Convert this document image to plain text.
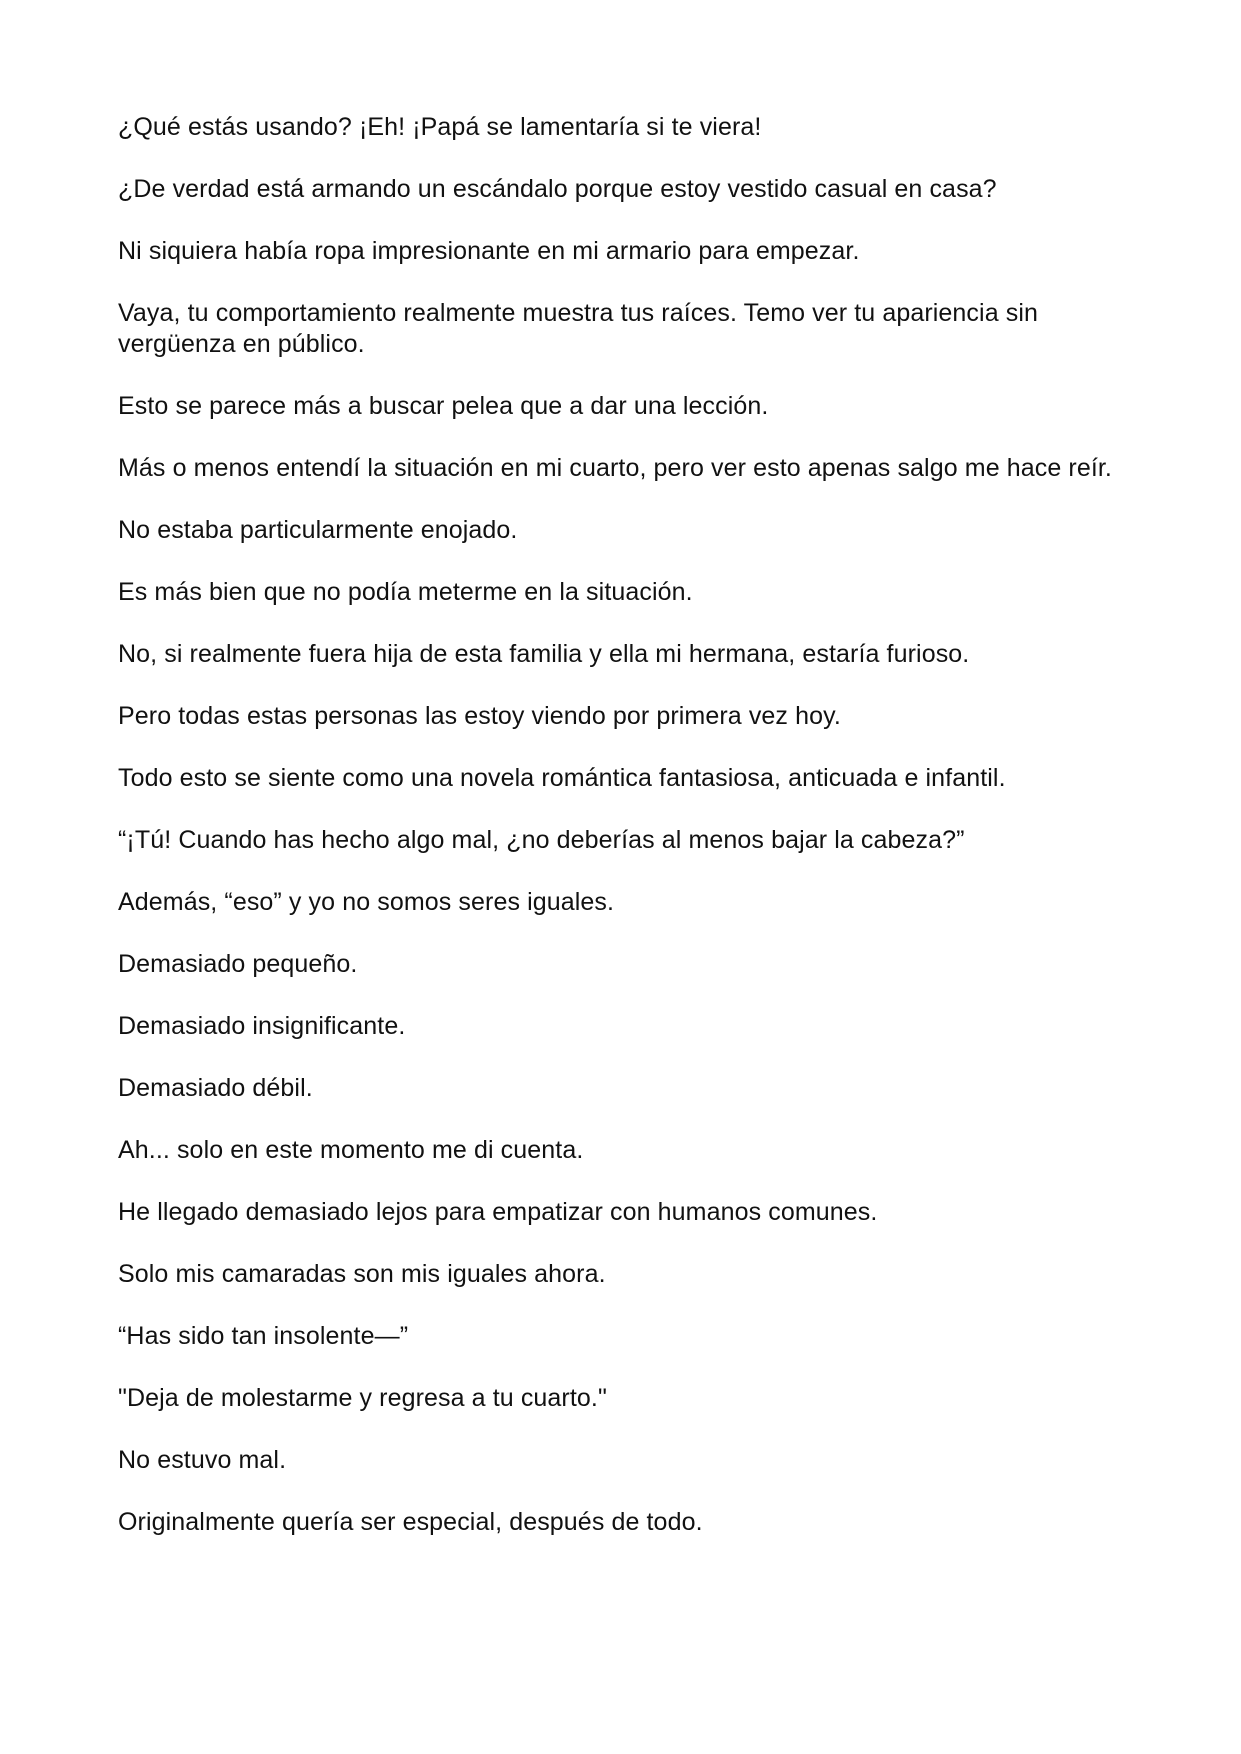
¿Qué estás usando? ¡Eh! ¡Papá se lamentaría si te viera!

¿De verdad está armando un escándalo porque estoy vestido casual en casa?

Ni siquiera había ropa impresionante en mi armario para empezar.

Vaya, tu comportamiento realmente muestra tus raíces. Temo ver tu apariencia sin vergüenza en público.

Esto se parece más a buscar pelea que a dar una lección.

Más o menos entendí la situación en mi cuarto, pero ver esto apenas salgo me hace reír.

No estaba particularmente enojado.

Es más bien que no podía meterme en la situación.

No, si realmente fuera hija de esta familia y ella mi hermana, estaría furioso.

Pero todas estas personas las estoy viendo por primera vez hoy.

Todo esto se siente como una novela romántica fantasiosa, anticuada e infantil.

“¡Tú! Cuando has hecho algo mal, ¿no deberías al menos bajar la cabeza?”

Además, “eso” y yo no somos seres iguales.

Demasiado pequeño.

Demasiado insignificante.

Demasiado débil.

Ah... solo en este momento me di cuenta.

He llegado demasiado lejos para empatizar con humanos comunes.

Solo mis camaradas son mis iguales ahora.

“Has sido tan insolente—”

"Deja de molestarme y regresa a tu cuarto."

No estuvo mal.

Originalmente quería ser especial, después de todo.
